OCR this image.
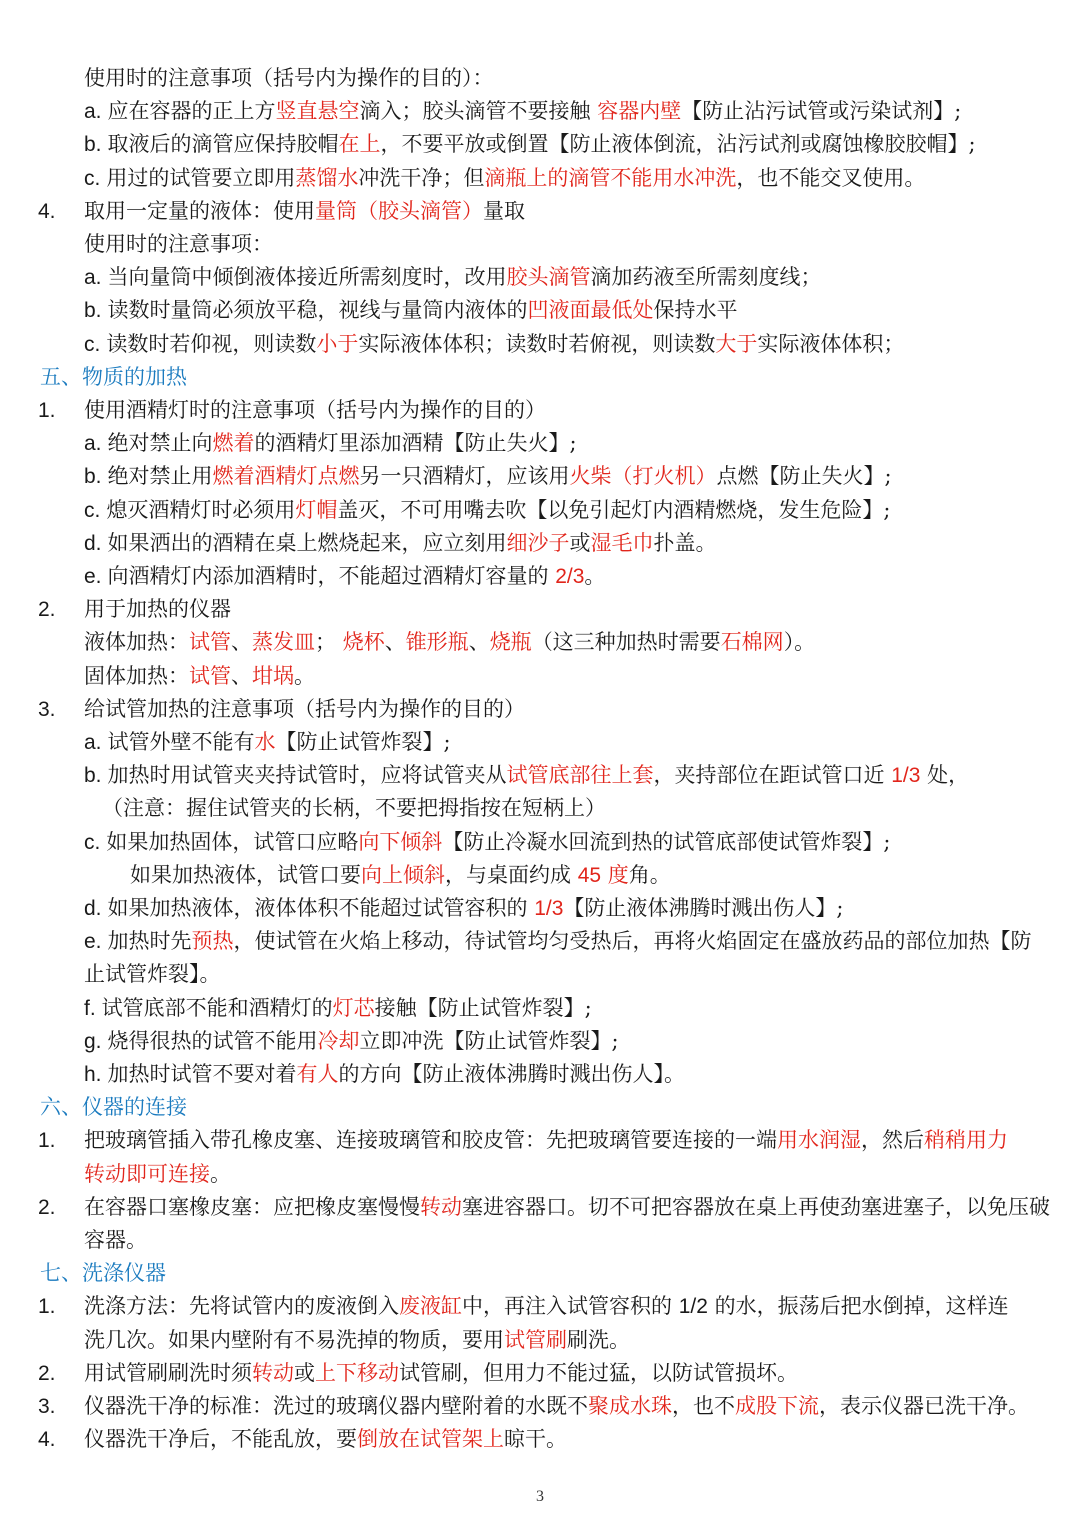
使用时的注意事项（括号内为操作的目的）：
a. 应在容器的正上方竖直悬空滴入；胶头滴管不要接触 容器内壁【防止沾污试管或污染试剂】;
b. 取液后的滴管应保持胶帽在上，不要平放或倒置【防止液体倒流，沾污试剂或腐蚀橡胶胶帽】;
c. 用过的试管要立即用蒸馏水冲洗干净；但滴瓶上的滴管不能用水冲洗，也不能交叉使用。
4.	取用一定量的液体：使用量筒（胶头滴管）量取
使用时的注意事项：
a. 当向量筒中倾倒液体接近所需刻度时，改用胶头滴管滴加药液至所需刻度线；
b. 读数时量筒必须放平稳，视线与量筒内液体的凹液面最低处保持水平
c. 读数时若仰视，则读数小于实际液体体积；读数时若俯视，则读数大于实际液体体积；
五、物质的加热
1.	使用酒精灯时的注意事项（括号内为操作的目的）
a. 绝对禁止向燃着的酒精灯里添加酒精【防止失火】;
b. 绝对禁止用燃着酒精灯点燃另一只酒精灯，应该用火柴（打火机）点燃【防止失火】;
c. 熄灭酒精灯时必须用灯帽盖灭，不可用嘴去吹【以免引起灯内酒精燃烧，发生危险】;
d. 如果洒出的酒精在桌上燃烧起来，应立刻用细沙子或湿毛巾扑盖。
e. 向酒精灯内添加酒精时，不能超过酒精灯容量的 2/3。
2.	用于加热的仪器
液体加热：试管、蒸发皿； 烧杯、锥形瓶、烧瓶（这三种加热时需要石棉网）。
固体加热：试管、坩埚。
3.	给试管加热的注意事项（括号内为操作的目的）
a. 试管外壁不能有水【防止试管炸裂】;
b. 加热时用试管夹夹持试管时，应将试管夹从试管底部往上套，夹持部位在距试管口近 1/3 处，
（注意：握住试管夹的长柄，不要把拇指按在短柄上）
c. 如果加热固体，试管口应略向下倾斜【防止冷凝水回流到热的试管底部使试管炸裂】;
如果加热液体，试管口要向上倾斜，与桌面约成 45 度角。
d. 如果加热液体，液体体积不能超过试管容积的 1/3【防止液体沸腾时溅出伤人】;
e. 加热时先预热，使试管在火焰上移动，待试管均匀受热后，再将火焰固定在盛放药品的部位加热【防
止试管炸裂】。
f. 试管底部不能和酒精灯的灯芯接触【防止试管炸裂】;
g. 烧得很热的试管不能用冷却立即冲洗【防止试管炸裂】;
h. 加热时试管不要对着有人的方向【防止液体沸腾时溅出伤人】。
六、仪器的连接
1.	把玻璃管插入带孔橡皮塞、连接玻璃管和胶皮管：先把玻璃管要连接的一端用水润湿，然后稍稍用力
转动即可连接。
2.	在容器口塞橡皮塞：应把橡皮塞慢慢转动塞进容器口。切不可把容器放在桌上再使劲塞进塞子，以免压破
容器。
七、洗涤仪器
1.	洗涤方法：先将试管内的废液倒入废液缸中，再注入试管容积的 1/2 的水，振荡后把水倒掉，这样连
洗几次。如果内壁附有不易洗掉的物质，要用试管刷刷洗。
2.	用试管刷刷洗时须转动或上下移动试管刷，但用力不能过猛，以防试管损坏。
3.	仪器洗干净的标准：洗过的玻璃仪器内壁附着的水既不聚成水珠，也不成股下流，表示仪器已洗干净。
4.	仪器洗干净后，不能乱放，要倒放在试管架上晾干。
3
